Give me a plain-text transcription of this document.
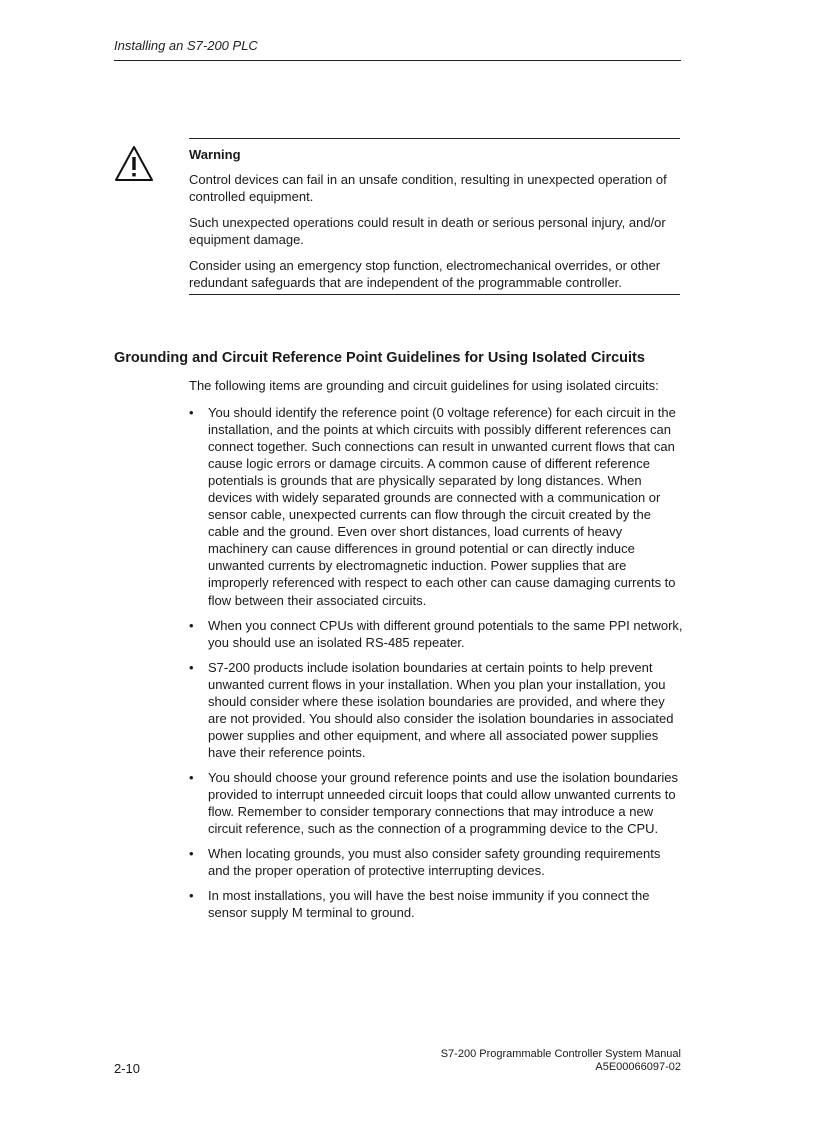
Installing an S7-200 PLC
Warning

Control devices can fail in an unsafe condition, resulting in unexpected operation of controlled equipment.

Such unexpected operations could result in death or serious personal injury, and/or equipment damage.

Consider using an emergency stop function, electromechanical overrides, or other redundant safeguards that are independent of the programmable controller.

Grounding and Circuit Reference Point Guidelines for Using Isolated Circuits

The following items are grounding and circuit guidelines for using isolated circuits:

• You should identify the reference point (0 voltage reference) for each circuit in the installation, and the points at which circuits with possibly different references can connect together. Such connections can result in unwanted current flows that can cause logic errors or damage circuits. A common cause of different reference potentials is grounds that are physically separated by long distances. When devices with widely separated grounds are connected with a communication or sensor cable, unexpected currents can flow through the circuit created by the cable and the ground. Even over short distances, load currents of heavy machinery can cause differences in ground potential or can directly induce unwanted currents by electromagnetic induction. Power supplies that are improperly referenced with respect to each other can cause damaging currents to flow between their associated circuits.
• When you connect CPUs with different ground potentials to the same PPI network, you should use an isolated RS-485 repeater.
• S7-200 products include isolation boundaries at certain points to help prevent unwanted current flows in your installation. When you plan your installation, you should consider where these isolation boundaries are provided, and where they are not provided. You should also consider the isolation boundaries in associated power supplies and other equipment, and where all associated power supplies have their reference points.
• You should choose your ground reference points and use the isolation boundaries provided to interrupt unneeded circuit loops that could allow unwanted currents to flow. Remember to consider temporary connections that may introduce a new circuit reference, such as the connection of a programming device to the CPU.
• When locating grounds, you must also consider safety grounding requirements and the proper operation of protective interrupting devices.
• In most installations, you will have the best noise immunity if you connect the sensor supply M terminal to ground.
2-10
S7-200 Programmable Controller System Manual
A5E00066097-02
